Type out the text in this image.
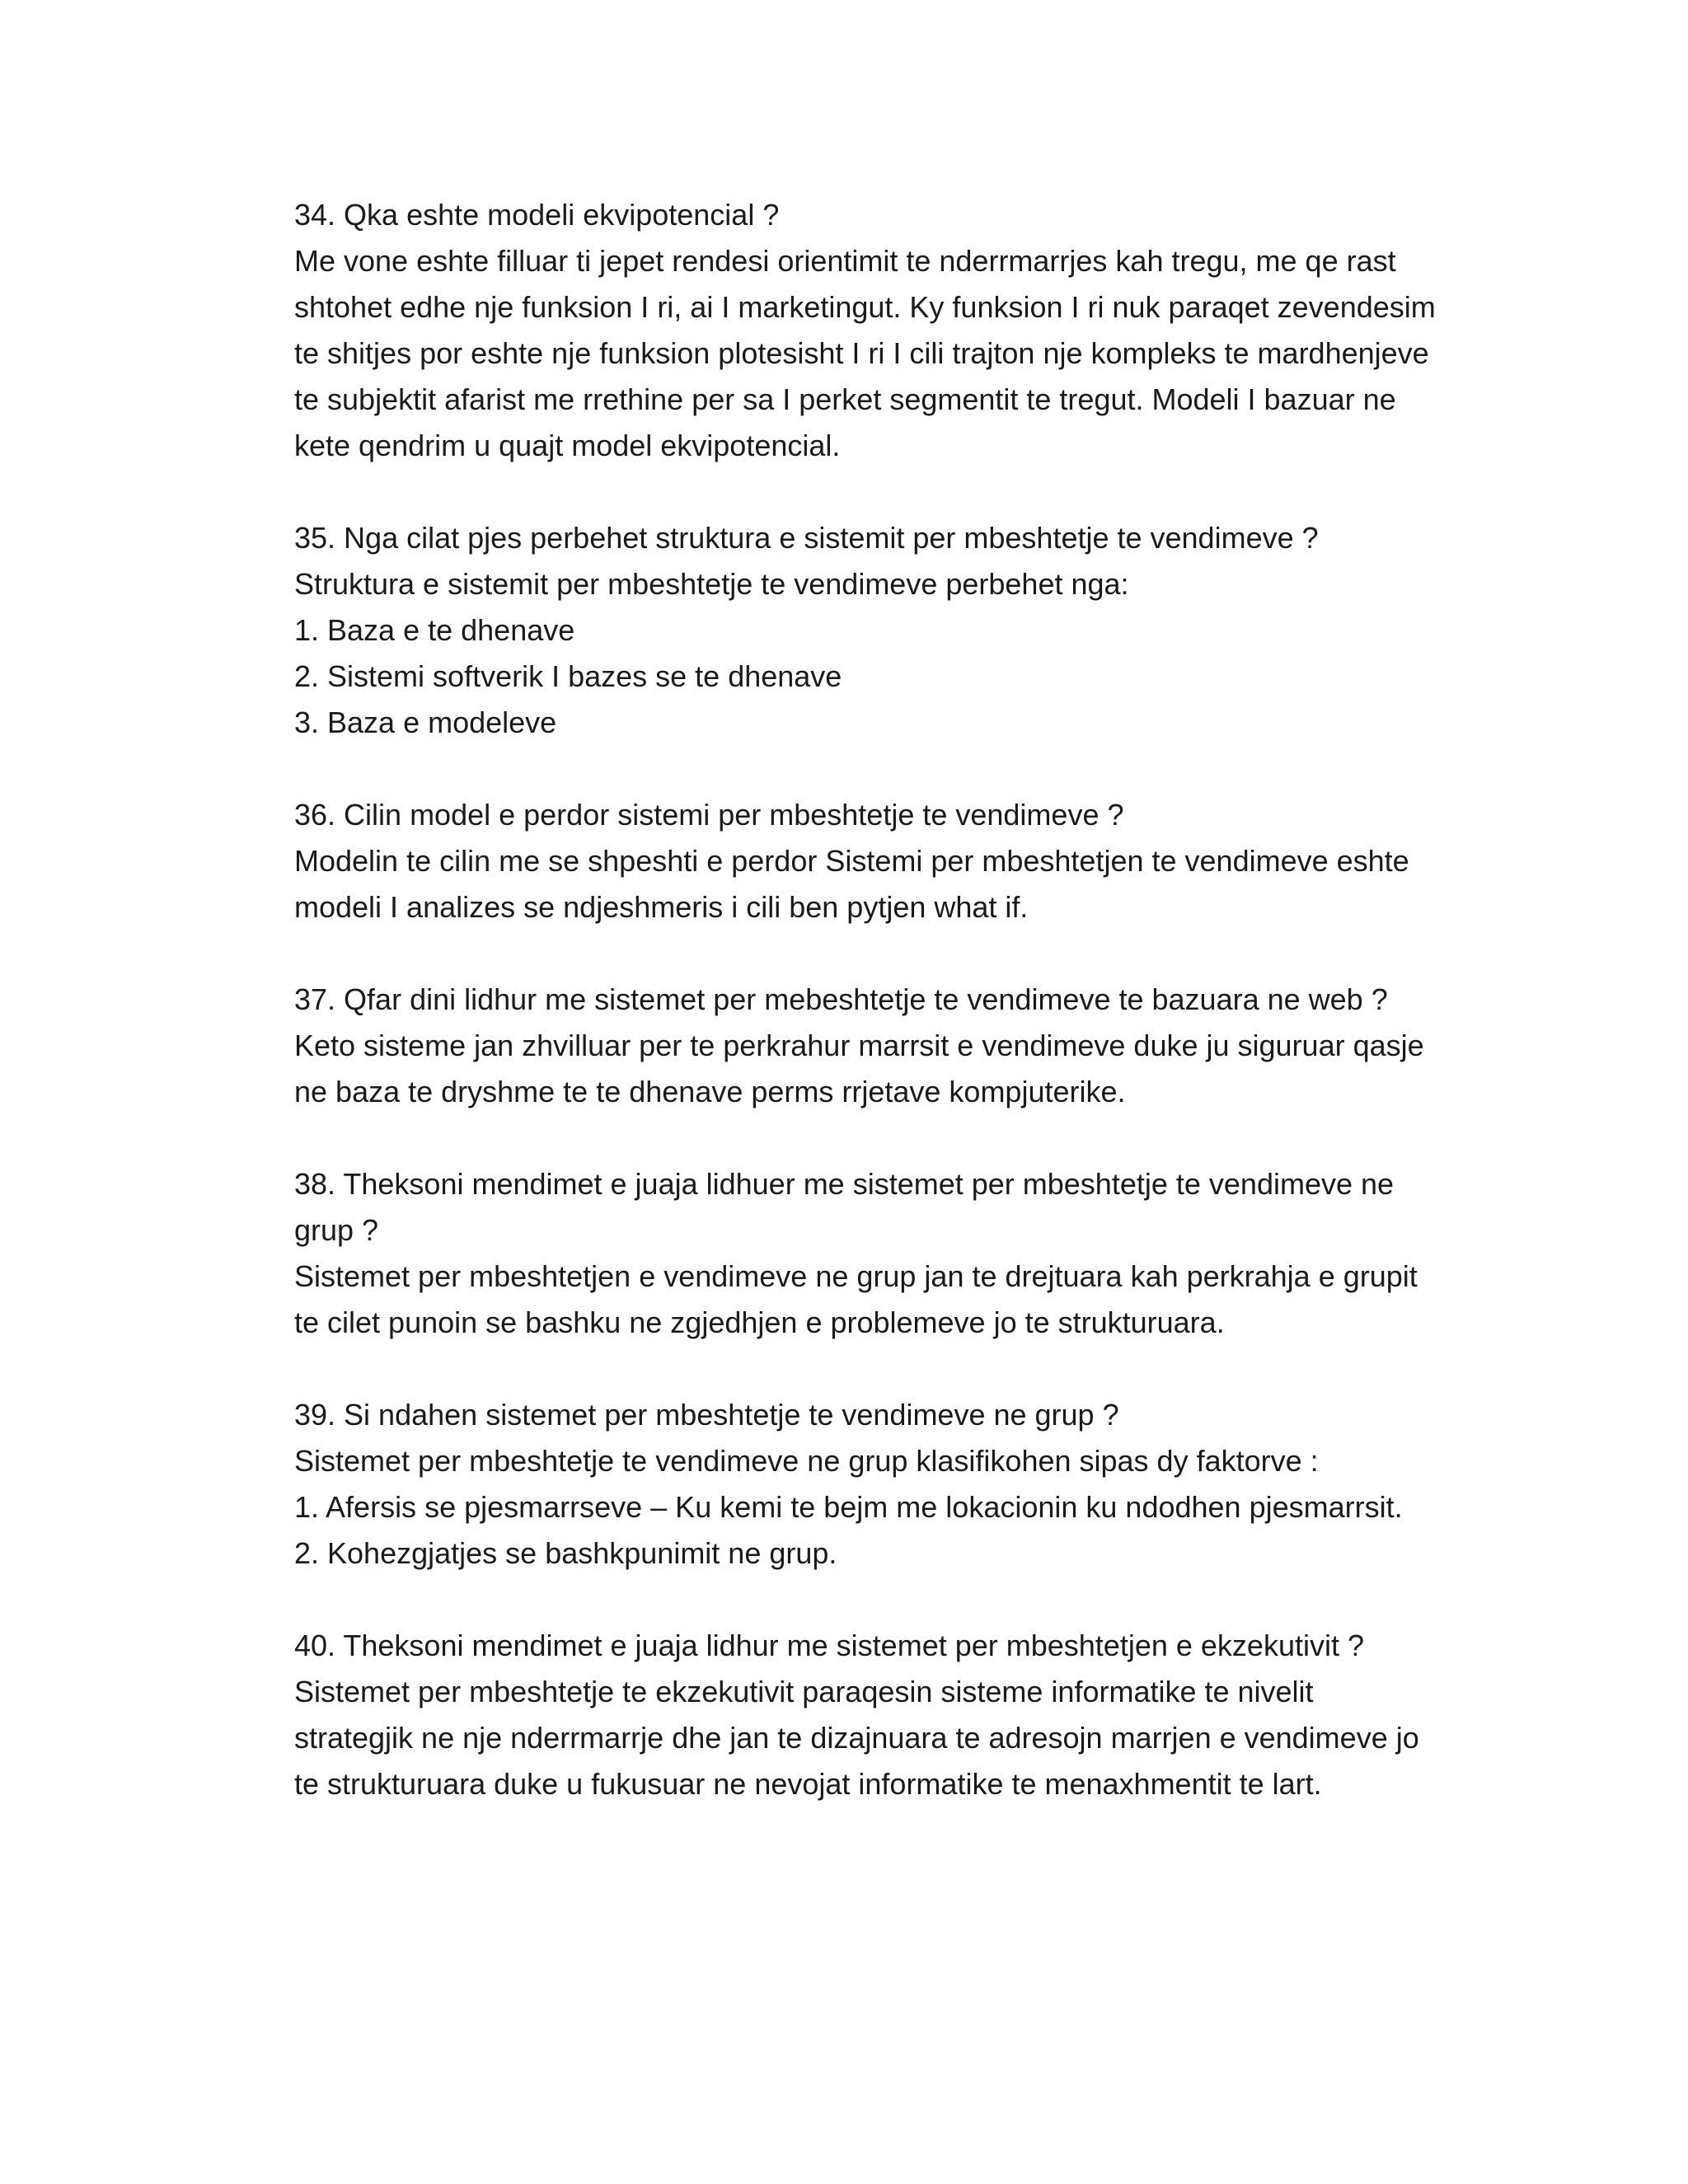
34. Qka eshte modeli ekvipotencial ?
Me vone eshte filluar ti jepet rendesi orientimit te nderrmarrjes kah tregu, me qe rast
shtohet edhe nje funksion I ri, ai I marketingut. Ky funksion I ri nuk paraqet zevendesim
te shitjes por eshte nje funksion plotesisht I ri I cili trajton nje kompleks te mardhenjeve
te subjektit afarist me rrethine per sa I perket segmentit te tregut. Modeli I bazuar ne
kete qendrim u quajt model ekvipotencial.
35. Nga cilat pjes perbehet struktura e sistemit per mbeshtetje te vendimeve ?
Struktura e sistemit per mbeshtetje te vendimeve perbehet nga:
1. Baza e te dhenave
2. Sistemi softverik I bazes se te dhenave
3. Baza e modeleve
36. Cilin model e perdor sistemi per mbeshtetje te vendimeve ?
Modelin te cilin me se shpeshti e perdor Sistemi per mbeshtetjen te vendimeve eshte
modeli I analizes se ndjeshmeris i cili ben pytjen what if.
37. Qfar dini lidhur me sistemet per mebeshtetje te vendimeve te bazuara ne web ?
Keto sisteme jan zhvilluar per te perkrahur marrsit e vendimeve duke ju siguruar qasje
ne baza te dryshme te te dhenave perms rrjetave kompjuterike.
38. Theksoni mendimet e juaja lidhuer me sistemet per mbeshtetje te vendimeve ne
grup ?
Sistemet per mbeshtetjen e vendimeve ne grup jan te drejtuara kah perkrahja e grupit
te cilet punoin se bashku ne zgjedhjen e problemeve jo te strukturuara.
39. Si ndahen sistemet per mbeshtetje te vendimeve ne grup ?
Sistemet per mbeshtetje te vendimeve ne grup klasifikohen sipas dy faktorve :
1. Afersis se pjesmarrseve – Ku kemi te bejm me lokacionin ku ndodhen pjesmarrsit.
2. Kohezgjatjes se bashkpunimit ne grup.
40. Theksoni mendimet e juaja lidhur me sistemet per mbeshtetjen e ekzekutivit ?
Sistemet per mbeshtetje te ekzekutivit paraqesin sisteme informatike te nivelit
strategjik ne nje nderrmarrje dhe jan te dizajnuara te adresojn marrjen e vendimeve jo
te strukturuara duke u fukusuar ne nevojat informatike te menaxhmentit te lart.
